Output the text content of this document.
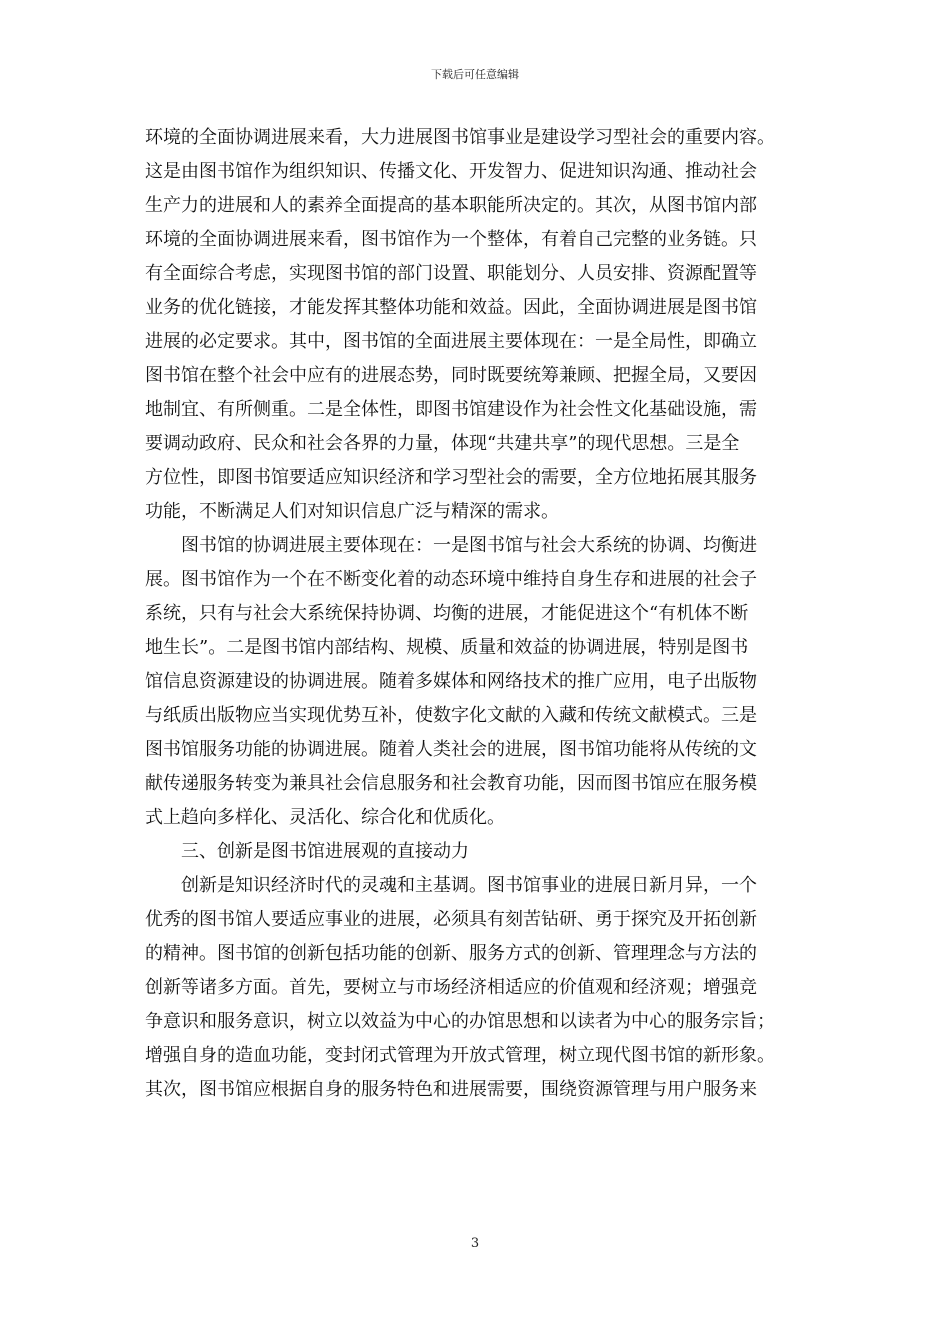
下载后可任意编辑
环境的全面协调进展来看，大力进展图书馆事业是建设学习型社会的重要内容。
这是由图书馆作为组织知识、传播文化、开发智力、促进知识沟通、推动社会
生产力的进展和人的素养全面提高的基本职能所决定的。其次，从图书馆内部
环境的全面协调进展来看，图书馆作为一个整体，有着自己完整的业务链。只
有全面综合考虑，实现图书馆的部门设置、职能划分、人员安排、资源配置等
业务的优化链接，才能发挥其整体功能和效益。因此，全面协调进展是图书馆
进展的必定要求。其中，图书馆的全面进展主要体现在：一是全局性，即确立
图书馆在整个社会中应有的进展态势，同时既要统筹兼顾、把握全局，又要因
地制宜、有所侧重。二是全体性，即图书馆建设作为社会性文化基础设施，需
要调动政府、民众和社会各界的力量，体现“共建共享”的现代思想。三是全
方位性，即图书馆要适应知识经济和学习型社会的需要，全方位地拓展其服务
功能，不断满足人们对知识信息广泛与精深的需求。
　　图书馆的协调进展主要体现在：一是图书馆与社会大系统的协调、均衡进
展。图书馆作为一个在不断变化着的动态环境中维持自身生存和进展的社会子
系统，只有与社会大系统保持协调、均衡的进展，才能促进这个“有机体不断
地生长”。二是图书馆内部结构、规模、质量和效益的协调进展，特别是图书
馆信息资源建设的协调进展。随着多媒体和网络技术的推广应用，电子出版物
与纸质出版物应当实现优势互补，使数字化文献的入藏和传统文献模式。三是
图书馆服务功能的协调进展。随着人类社会的进展，图书馆功能将从传统的文
献传递服务转变为兼具社会信息服务和社会教育功能，因而图书馆应在服务模
式上趋向多样化、灵活化、综合化和优质化。
　　三、创新是图书馆进展观的直接动力
　　创新是知识经济时代的灵魂和主基调。图书馆事业的进展日新月异，一个
优秀的图书馆人要适应事业的进展，必须具有刻苦钻研、勇于探究及开拓创新
的精神。图书馆的创新包括功能的创新、服务方式的创新、管理理念与方法的
创新等诸多方面。首先，要树立与市场经济相适应的价值观和经济观；增强竞
争意识和服务意识，树立以效益为中心的办馆思想和以读者为中心的服务宗旨；
增强自身的造血功能，变封闭式管理为开放式管理，树立现代图书馆的新形象。
其次，图书馆应根据自身的服务特色和进展需要，围绕资源管理与用户服务来
3
